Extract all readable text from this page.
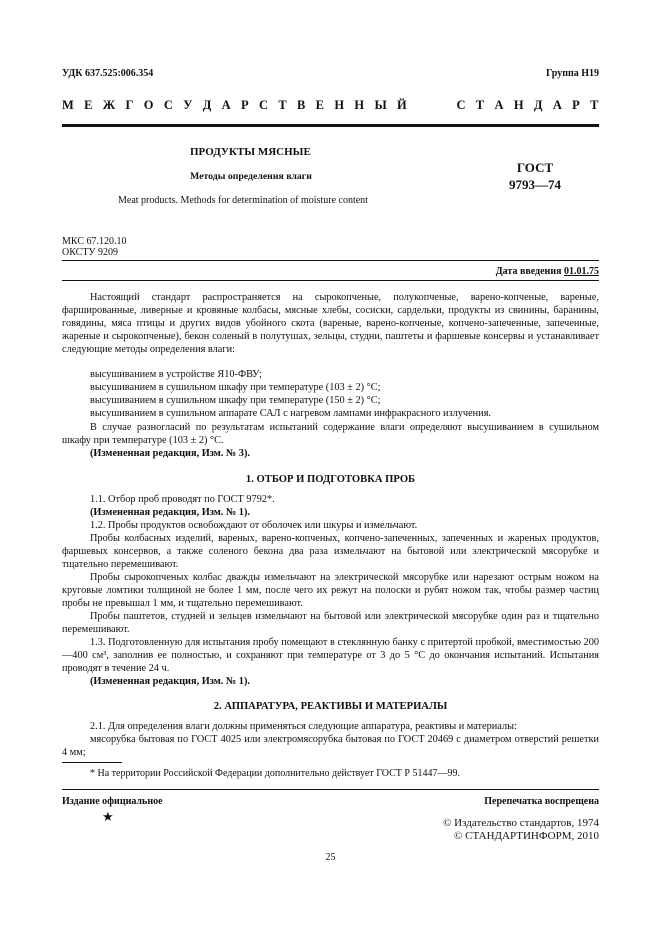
УДК 637.525:006.354	Группа Н19
М Е Ж Г О С У Д А Р С Т В Е Н Н Ы Й     С Т А Н Д А Р Т
ПРОДУКТЫ МЯСНЫЕ
Методы определения влаги
Meat products. Methods for determination of moisture content
ГОСТ
9793—74
МКС 67.120.10
ОКСТУ 9209
Дата введения 01.01.75
Настоящий стандарт распространяется на сырокопченые, полукопченые, варено-копченые, вареные, фаршированные, ливерные и кровяные колбасы, мясные хлебы, сосиски, сардельки, продукты из свинины, баранины, говядины, мяса птицы и других видов убойного скота (вареные, варено-копченые, копчено-запеченные, запеченные, жареные и сырокопченые), бекон соленый в полутушах, зельцы, студни, паштеты и фаршевые консервы и устанавливает следующие методы определения влаги:
высушиванием в устройстве Я10-ФВУ;
высушиванием в сушильном шкафу при температуре (103 ± 2) °С;
высушиванием в сушильном шкафу при температуре (150 ± 2) °С;
высушиванием в сушильном аппарате САЛ с нагревом лампами инфракрасного излучения.
В случае разногласий по результатам испытаний содержание влаги определяют высушиванием в сушильном шкафу при температуре (103 ± 2) °С.
(Измененная редакция, Изм. № 3).
1. ОТБОР И ПОДГОТОВКА ПРОБ
1.1. Отбор проб проводят по ГОСТ 9792*.
(Измененная редакция, Изм. № 1).
1.2. Пробы продуктов освобождают от оболочек или шкуры и измельчают.
Пробы колбасных изделий, вареных, варено-копченых, копчено-запеченных, запеченных и жареных продуктов, фаршевых консервов, а также соленого бекона два раза измельчают на бытовой или электрической мясорубке и тщательно перемешивают.
Пробы сырокопченых колбас дважды измельчают на электрической мясорубке или нарезают острым ножом на круговые ломтики толщиной не более 1 мм, после чего их режут на полоски и рубят ножом так, чтобы размер частиц пробы не превышал 1 мм, и тщательно перемешивают.
Пробы паштетов, студней и зельцев измельчают на бытовой или электрической мясорубке один раз и тщательно перемешивают.
1.3. Подготовленную для испытания пробу помещают в стеклянную банку с притертой пробкой, вместимостью 200—400 см³, заполнив ее полностью, и сохраняют при температуре от 3 до 5 °С до окончания испытаний. Испытания проводят в течение 24 ч.
(Измененная редакция, Изм. № 1).
2. АППАРАТУРА, РЕАКТИВЫ И МАТЕРИАЛЫ
2.1. Для определения влаги должны применяться следующие аппаратура, реактивы и материалы:
мясорубка бытовая по ГОСТ 4025 или электромясорубка бытовая по ГОСТ 20469 с диаметром отверстий решетки 4 мм;
* На территории Российской Федерации дополнительно действует ГОСТ Р 51447—99.
Издание официальное	Перепечатка воспрещена
★	© Издательство стандартов, 1974
© СТАНДАРТИНФОРМ, 2010
25
